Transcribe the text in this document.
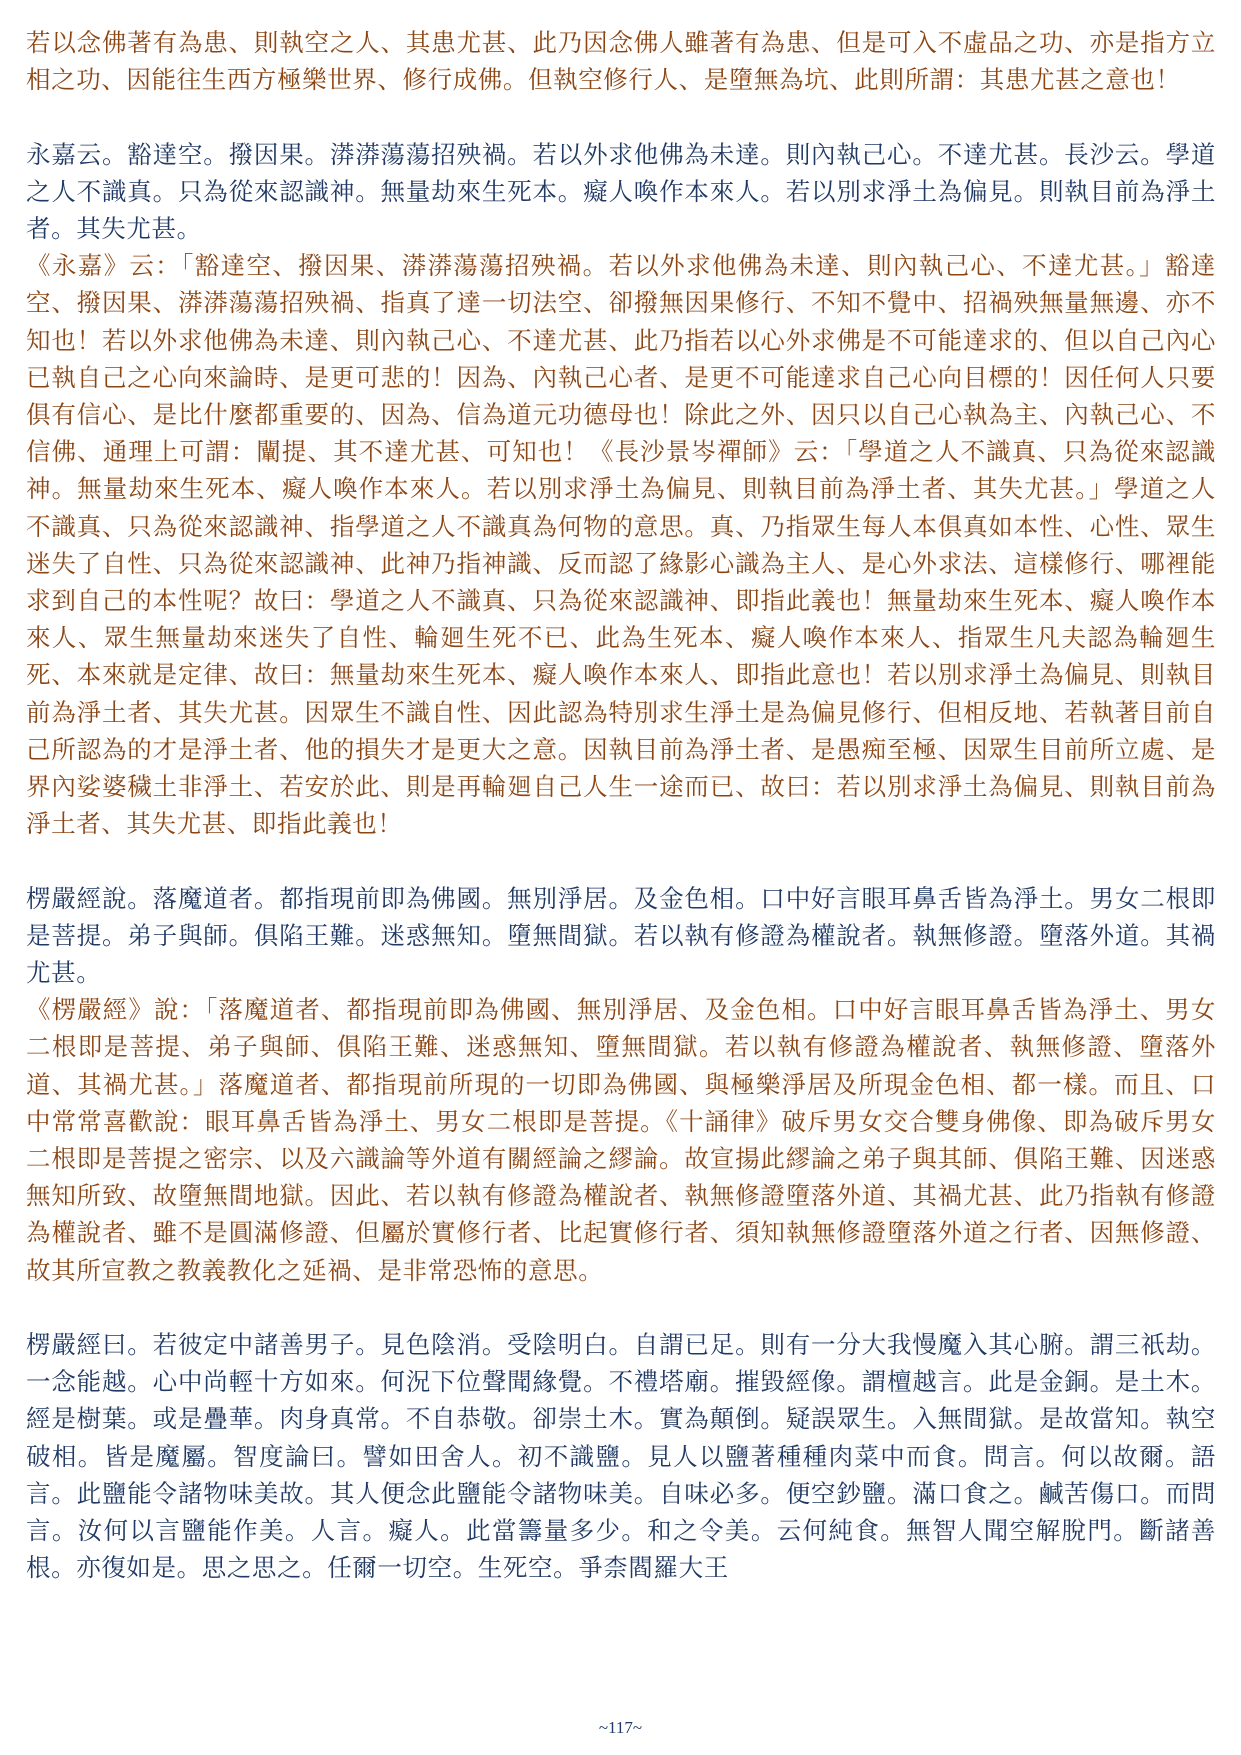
若以念佛著有為患、則執空之人、其患尤甚、此乃因念佛人雖著有為患、但是可入不虛品之功、亦是指方立相之功、因能往生西方極樂世界、修行成佛。但執空修行人、是墮無為坑、此則所謂：其患尤甚之意也！

永嘉云。豁達空。撥因果。漭漭蕩蕩招殃禍。若以外求他佛為未達。則內執己心。不達尤甚。長沙云。學道之人不識真。只為從來認識神。無量劫來生死本。癡人喚作本來人。若以別求淨土為偏見。則執目前為淨土者。其失尤甚。

《永嘉》云：「豁達空、撥因果、漭漭蕩蕩招殃禍。若以外求他佛為未達、則內執己心、不達尤甚。」豁達空、撥因果、漭漭蕩蕩招殃禍、指真了達一切法空、卻撥無因果修行、不知不覺中、招禍殃無量無邊、亦不知也！若以外求他佛為未達、則內執己心、不達尤甚、此乃指若以心外求佛是不可能達求的、但以自己內心已執自己之心向來論時、是更可悲的！因為、內執己心者、是更不可能達求自己心向目標的！因任何人只要俱有信心、是比什麼都重要的、因為、信為道元功德母也！除此之外、因只以自己心執為主、內執己心、不信佛、通理上可謂：闡提、其不達尤甚、可知也！《長沙景岑禪師》云：「學道之人不識真、只為從來認識神。無量劫來生死本、癡人喚作本來人。若以別求淨土為偏見、則執目前為淨土者、其失尤甚。」學道之人不識真、只為從來認識神、指學道之人不識真為何物的意思。真、乃指眾生每人本俱真如本性、心性、眾生迷失了自性、只為從來認識神、此神乃指神識、反而認了緣影心識為主人、是心外求法、這樣修行、哪裡能求到自己的本性呢？故曰：學道之人不識真、只為從來認識神、即指此義也！無量劫來生死本、癡人喚作本來人、眾生無量劫來迷失了自性、輪廻生死不已、此為生死本、癡人喚作本來人、指眾生凡夫認為輪廻生死、本來就是定律、故曰：無量劫來生死本、癡人喚作本來人、即指此意也！若以別求淨土為偏見、則執目前為淨土者、其失尤甚。因眾生不識自性、因此認為特別求生淨土是為偏見修行、但相反地、若執著目前自己所認為的才是淨土者、他的損失才是更大之意。因執目前為淨土者、是愚痴至極、因眾生目前所立處、是界內娑婆穢土非淨土、若安於此、則是再輪廻自己人生一途而已、故曰：若以別求淨土為偏見、則執目前為淨土者、其失尤甚、即指此義也！

楞嚴經說。落魔道者。都指現前即為佛國。無別淨居。及金色相。口中好言眼耳鼻舌皆為淨土。男女二根即是菩提。弟子與師。俱陷王難。迷惑無知。墮無間獄。若以執有修證為權說者。執無修證。墮落外道。其禍尤甚。

《楞嚴經》說：「落魔道者、都指現前即為佛國、無別淨居、及金色相。口中好言眼耳鼻舌皆為淨土、男女二根即是菩提、弟子與師、俱陷王難、迷惑無知、墮無間獄。若以執有修證為權說者、執無修證、墮落外道、其禍尤甚。」落魔道者、都指現前所現的一切即為佛國、與極樂淨居及所現金色相、都一樣。而且、口中常常喜歡說：眼耳鼻舌皆為淨土、男女二根即是菩提。《十誦律》破斥男女交合雙身佛像、即為破斥男女二根即是菩提之密宗、以及六識論等外道有關經論之繆論。故宣揚此繆論之弟子與其師、俱陷王難、因迷惑無知所致、故墮無間地獄。因此、若以執有修證為權說者、執無修證墮落外道、其禍尤甚、此乃指執有修證為權說者、雖不是圓滿修證、但屬於實修行者、比起實修行者、須知執無修證墮落外道之行者、因無修證、故其所宣教之教義教化之延禍、是非常恐怖的意思。

楞嚴經曰。若彼定中諸善男子。見色陰消。受陰明白。自謂已足。則有一分大我慢魔入其心腑。謂三祇劫。一念能越。心中尚輕十方如來。何況下位聲聞緣覺。不禮塔廟。摧毀經像。謂檀越言。此是金銅。是土木。經是樹葉。或是疊華。肉身真常。不自恭敬。卻崇土木。實為顛倒。疑誤眾生。入無間獄。是故當知。執空破相。皆是魔屬。智度論曰。譬如田舍人。初不識鹽。見人以鹽著種種肉菜中而食。問言。何以故爾。語言。此鹽能令諸物味美故。其人便念此鹽能令諸物味美。自味必多。便空鈔鹽。滿口食之。鹹苦傷口。而問言。汝何以言鹽能作美。人言。癡人。此當籌量多少。和之令美。云何純食。無智人聞空解脫門。斷諸善根。亦復如是。思之思之。任爾一切空。生死空。爭柰閻羅大王

~117~
